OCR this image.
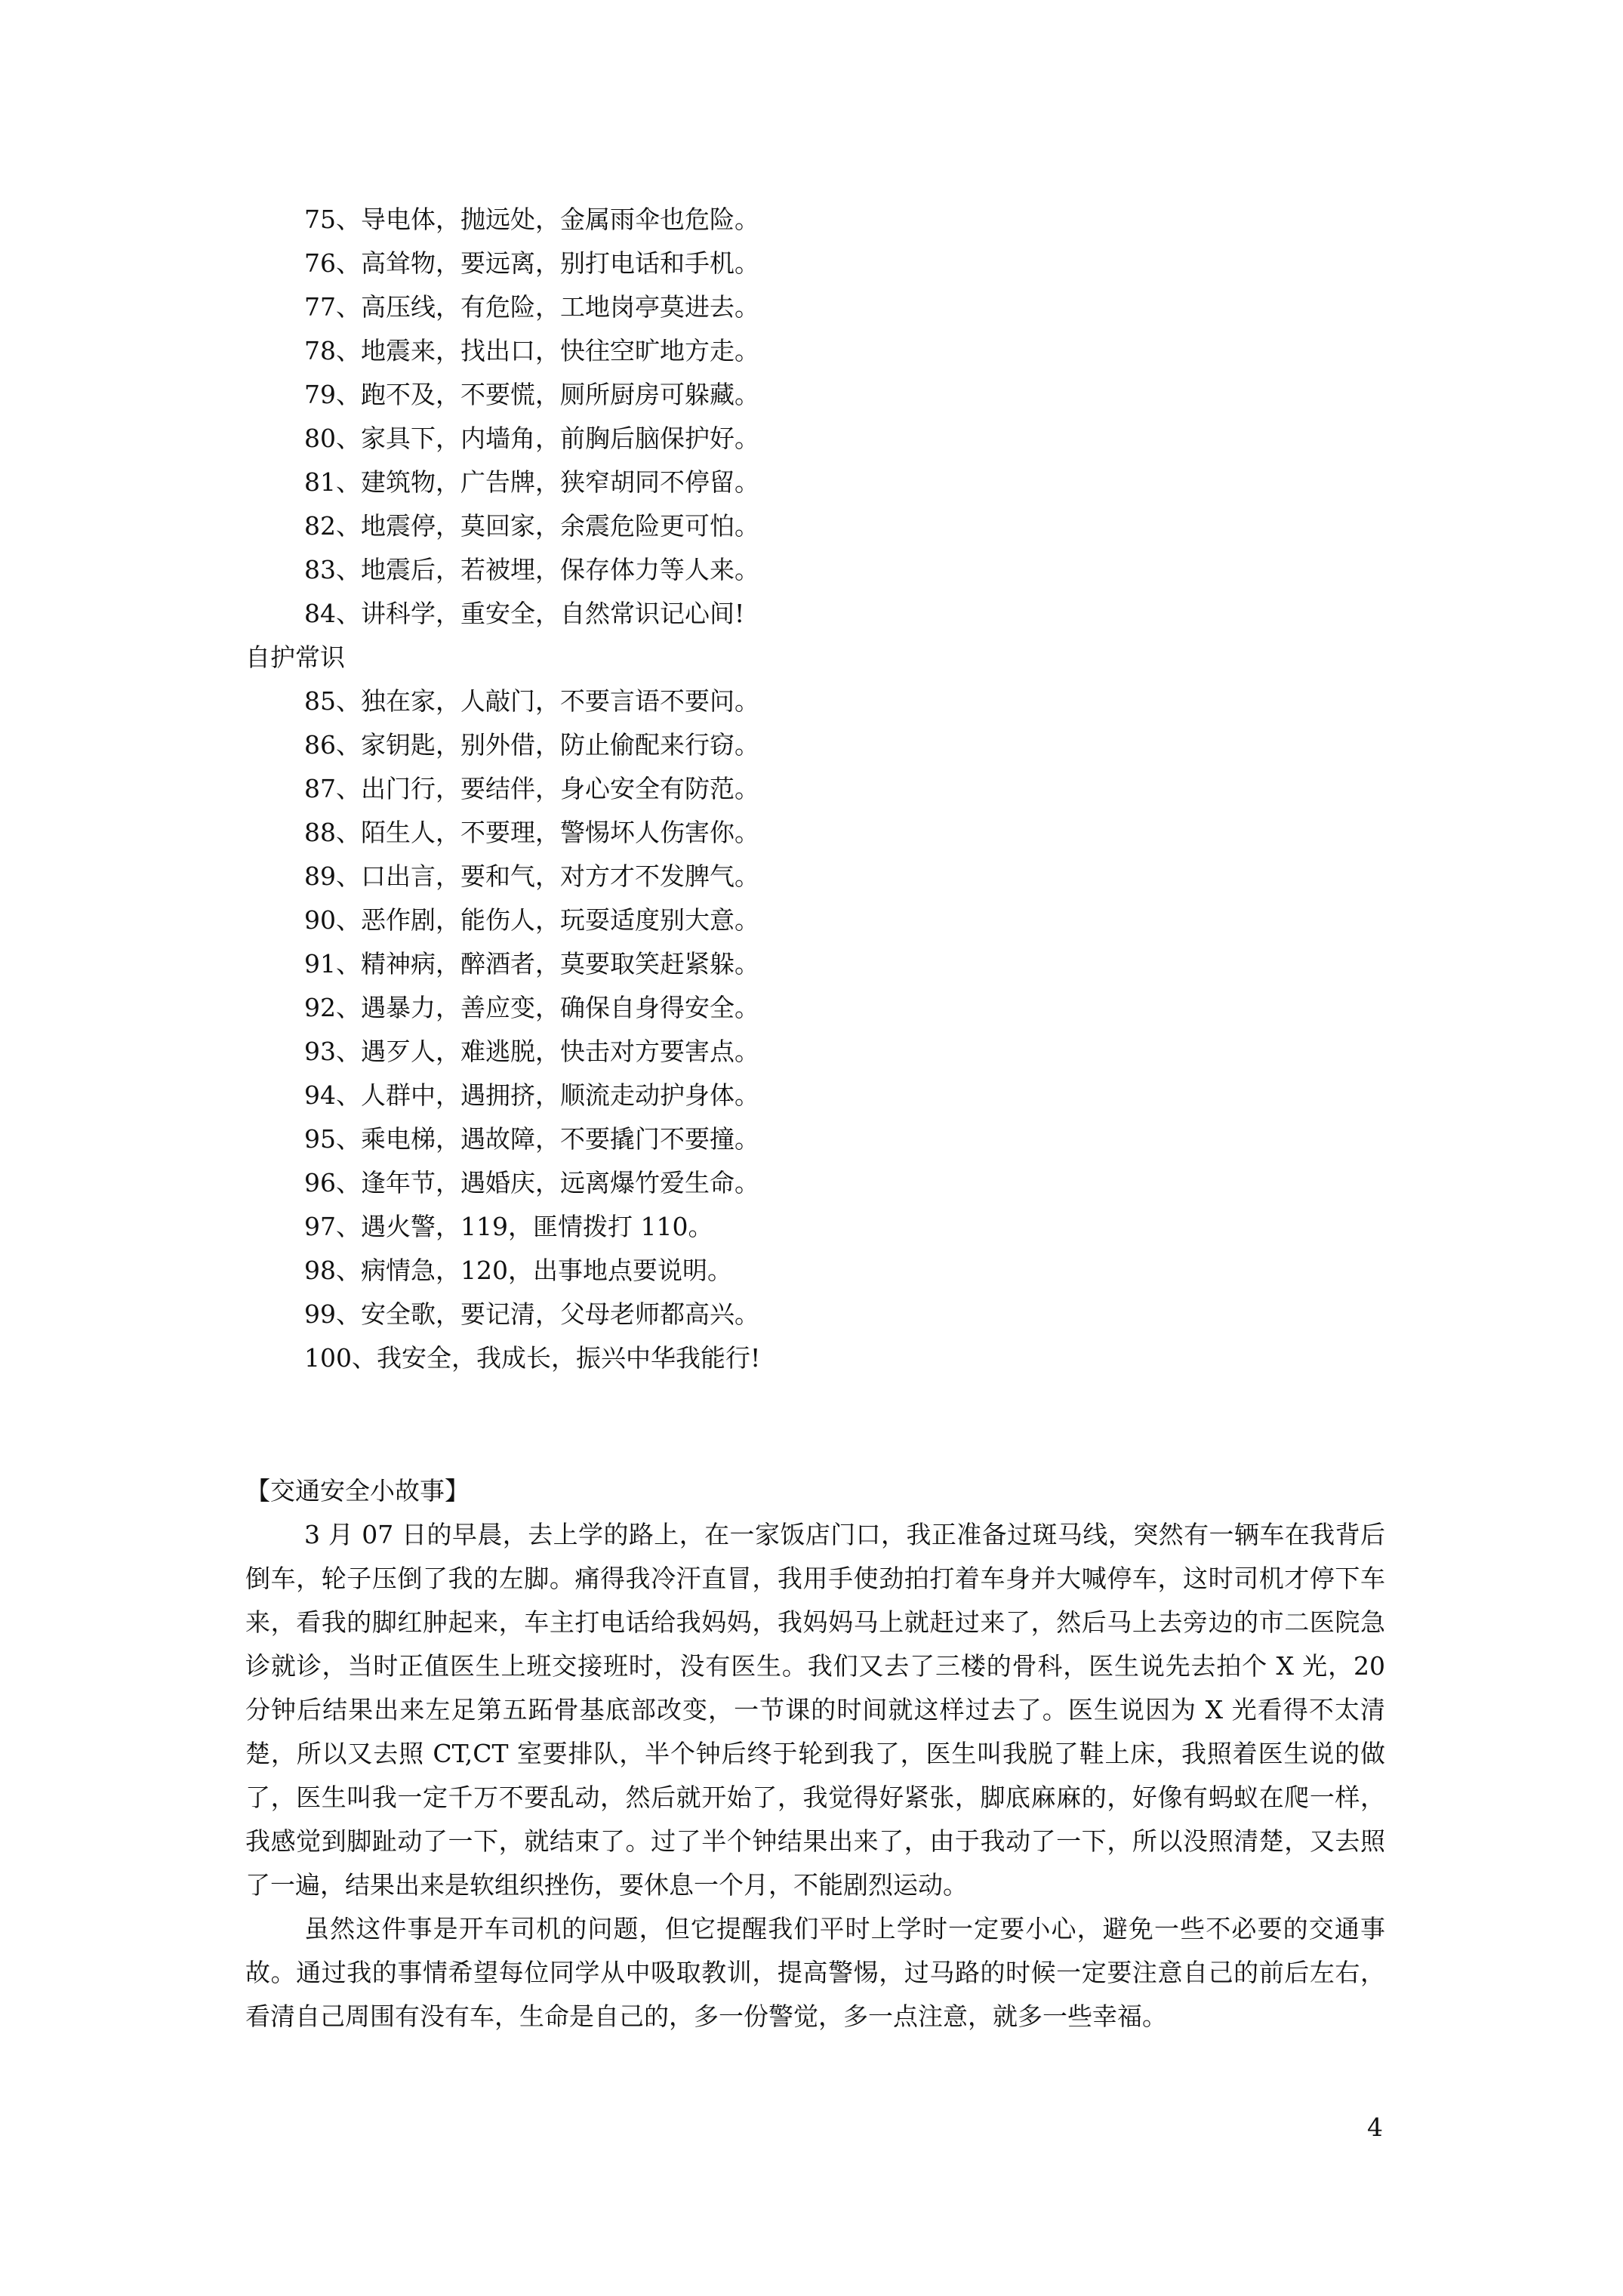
75、导电体，抛远处，金属雨伞也危险。
76、高耸物，要远离，别打电话和手机。
77、高压线，有危险，工地岗亭莫进去。
78、地震来，找出口，快往空旷地方走。
79、跑不及，不要慌，厕所厨房可躲藏。
80、家具下，内墙角，前胸后脑保护好。
81、建筑物，广告牌，狭窄胡同不停留。
82、地震停，莫回家，余震危险更可怕。
83、地震后，若被埋，保存体力等人来。
84、讲科学，重安全，自然常识记心间!
自护常识
85、独在家，人敲门，不要言语不要问。
86、家钥匙，别外借，防止偷配来行窃。
87、出门行，要结伴，身心安全有防范。
88、陌生人，不要理，警惕坏人伤害你。
89、口出言，要和气，对方才不发脾气。
90、恶作剧，能伤人，玩耍适度别大意。
91、精神病，醉酒者，莫要取笑赶紧躲。
92、遇暴力，善应变，确保自身得安全。
93、遇歹人，难逃脱，快击对方要害点。
94、人群中，遇拥挤，顺流走动护身体。
95、乘电梯，遇故障，不要撬门不要撞。
96、逢年节，遇婚庆，远离爆竹爱生命。
97、遇火警，119，匪情拨打 110。
98、病情急，120，出事地点要说明。
99、安全歌，要记清，父母老师都高兴。
100、我安全，我成长，振兴中华我能行!
【交通安全小故事】

3 月 07 日的早晨，去上学的路上，在一家饭店门口，我正准备过斑马线，突然有一辆车在我背后倒车，轮子压倒了我的左脚。痛得我冷汗直冒，我用手使劲拍打着车身并大喊停车，这时司机才停下车来，看我的脚红肿起来，车主打电话给我妈妈，我妈妈马上就赶过来了，然后马上去旁边的市二医院急诊就诊，当时正值医生上班交接班时，没有医生。我们又去了三楼的骨科，医生说先去拍个 X 光，20 分钟后结果出来左足第五跖骨基底部改变，一节课的时间就这样过去了。医生说因为 X 光看得不太清楚，所以又去照 CT,CT 室要排队，半个钟后终于轮到我了，医生叫我脱了鞋上床，我照着医生说的做了，医生叫我一定千万不要乱动，然后就开始了，我觉得好紧张，脚底麻麻的，好像有蚂蚁在爬一样，我感觉到脚趾动了一下，就结束了。过了半个钟结果出来了，由于我动了一下，所以没照清楚，又去照了一遍，结果出来是软组织挫伤，要休息一个月，不能剧烈运动。

虽然这件事是开车司机的问题，但它提醒我们平时上学时一定要小心，避免一些不必要的交通事故。通过我的事情希望每位同学从中吸取教训，提高警惕，过马路的时候一定要注意自己的前后左右，看清自己周围有没有车，生命是自己的，多一份警觉，多一点注意，就多一些幸福。

4
